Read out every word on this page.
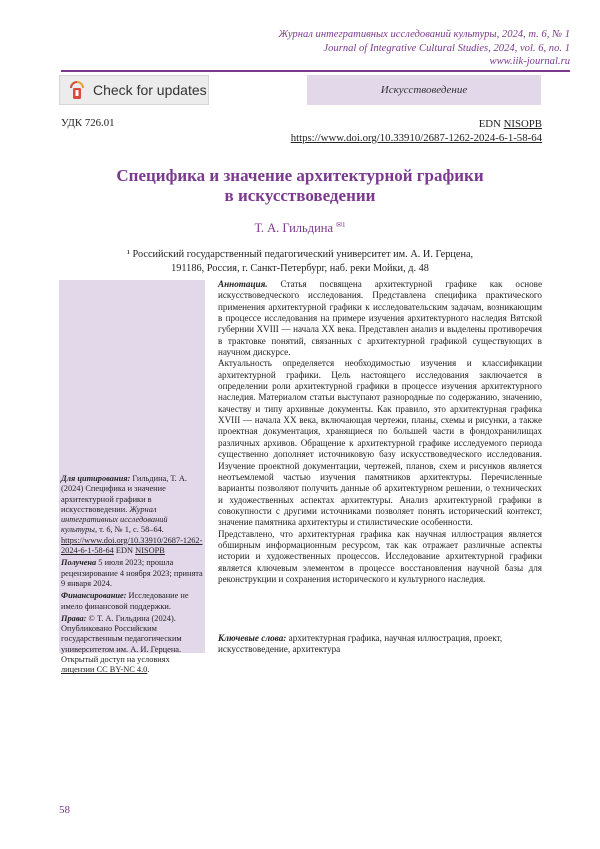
Журнал интегративных исследований культуры, 2024, т. 6, № 1
Journal of Integrative Cultural Studies, 2024, vol. 6, no. 1
www.iik-journal.ru
Check for updates	Искусствоведение
УДК 726.01	EDN NISOPB
https://www.doi.org/10.33910/2687-1262-2024-6-1-58-64
Специфика и значение архитектурной графики
в искусствоведении
Т. А. Гильдина $^{✉1}$
¹ Российский государственный педагогический университет им. А. И. Герцена,
191186, Россия, г. Санкт-Петербург, наб. реки Мойки, д. 48

Для цитирования: Гильдина, Т. А. (2024) Специфика и значение архитектурной графики в искусствоведении. Журнал интегративных исследований культуры, т. 6, № 1, с. 58–64. https://www.doi.org/10.33910/2687-1262-2024-6-1-58-64 EDN NISOPB

Получена 5 июля 2023; прошла рецензирование 4 ноября 2023; принята 9 января 2024.

Финансирование: Исследование не имело финансовой поддержки.

Права: © Т. А. Гильдина (2024). Опубликовано Российским государственным педагогическим университетом им. А. И. Герцена. Открытый доступ на условиях лицензии CC BY-NC 4.0.

Аннотация. Статья посвящена архитектурной графике как основе искусствоведческого исследования. Представлена специфика практического применения архитектурной графики к исследовательским задачам, возникающим в процессе исследования на примере изучения архитектурного наследия Вятской губернии XVIII — начала XX века. Представлен анализ и выделены противоречия в трактовке понятий, связанных с архитектурной графикой существующих в научном дискурсе.

Актуальность определяется необходимостью изучения и классификации архитектурной графики. Цель настоящего исследования заключается в определении роли архитектурной графики в процессе изучения архитектурного наследия. Материалом статьи выступают разнородные по содержанию, значению, качеству и типу архивные документы. Как правило, это архитектурная графика XVIII — начала XX века, включающая чертежи, планы, схемы и рисунки, а также проектная документация, хранящиеся по большей части в фондохранилищах различных архивов. Обращение к архитектурной графике исследуемого периода существенно дополняет источниковую базу искусствоведческого исследования. Изучение проектной документации, чертежей, планов, схем и рисунков является неотъемлемой частью изучения памятников архитектуры. Перечисленные варианты позволяют получить данные об архитектурном решении, о технических и художественных аспектах архитектуры. Анализ архитектурной графики в совокупности с другими источниками позволяет понять исторический контекст, значение памятника архитектуры и стилистические особенности.

Представлено, что архитектурная графика как научная иллюстрация является обширным информационным ресурсом, так как отражает различные аспекты истории и художественных процессов. Исследование архитектурной графики является ключевым элементом в процессе восстановления научной базы для реконструкции и сохранения исторического и культурного наследия.

Ключевые слова: архитектурная графика, научная иллюстрация, проект, искусствоведение, архитектура
58
